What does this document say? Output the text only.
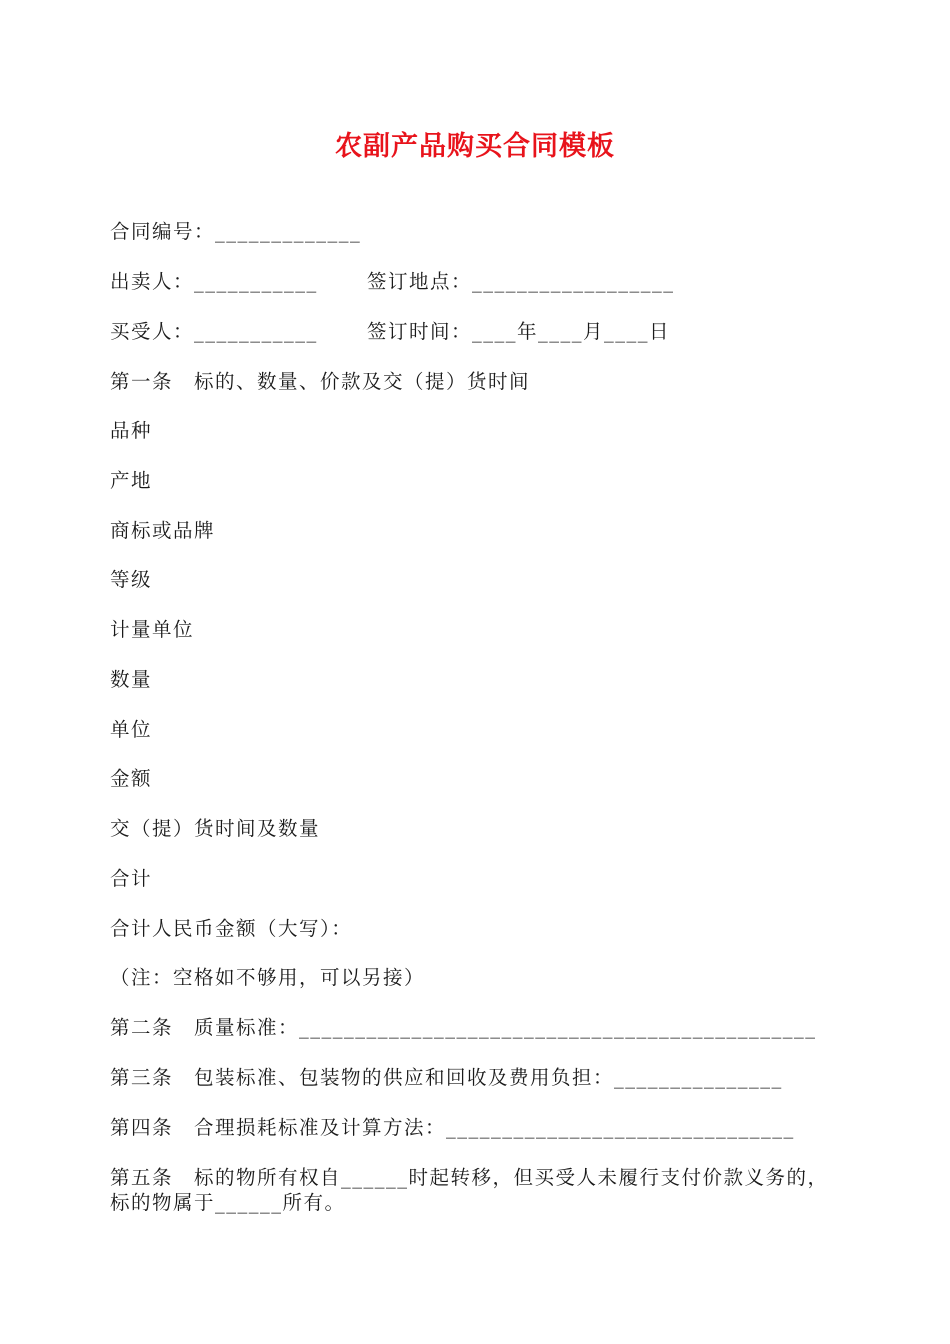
农副产品购买合同模板
合同编号：_____________
出卖人：___________	签订地点：__________________
买受人：___________	签订时间：____年____月____日
第一条　标的、数量、价款及交（提）货时间
品种
产地
商标或品牌
等级
计量单位
数量
单位
金额
交（提）货时间及数量
合计
合计人民币金额（大写）：
（注：空格如不够用，可以另接）
第二条　质量标准：______________________________________________
第三条　包装标准、包装物的供应和回收及费用负担：_______________
第四条　合理损耗标准及计算方法：_______________________________
第五条　标的物所有权自______时起转移，但买受人未履行支付价款义务的，标的物属于______所有。
